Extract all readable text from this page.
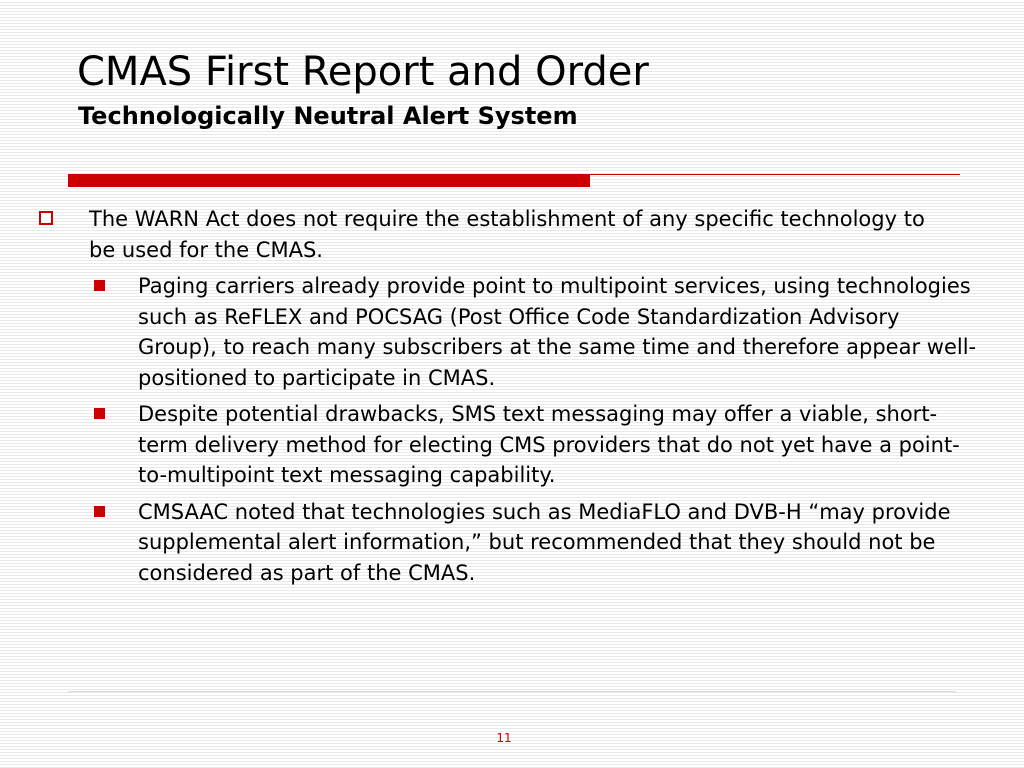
CMAS First Report and Order
Technologically Neutral Alert System
The WARN Act does not require the establishment of any specific technology to be used for the CMAS.
Paging carriers already provide point to multipoint services, using technologies such as ReFLEX and POCSAG (Post Office Code Standardization Advisory Group), to reach many subscribers at the same time and therefore appear well-positioned to participate in CMAS.
Despite potential drawbacks, SMS text messaging may offer a viable, short-term delivery method for electing CMS providers that do not yet have a point-to-multipoint text messaging capability.
CMSAAC noted that technologies such as MediaFLO and DVB-H “may provide supplemental alert information,” but recommended that they should not be considered as part of the CMAS.
11
